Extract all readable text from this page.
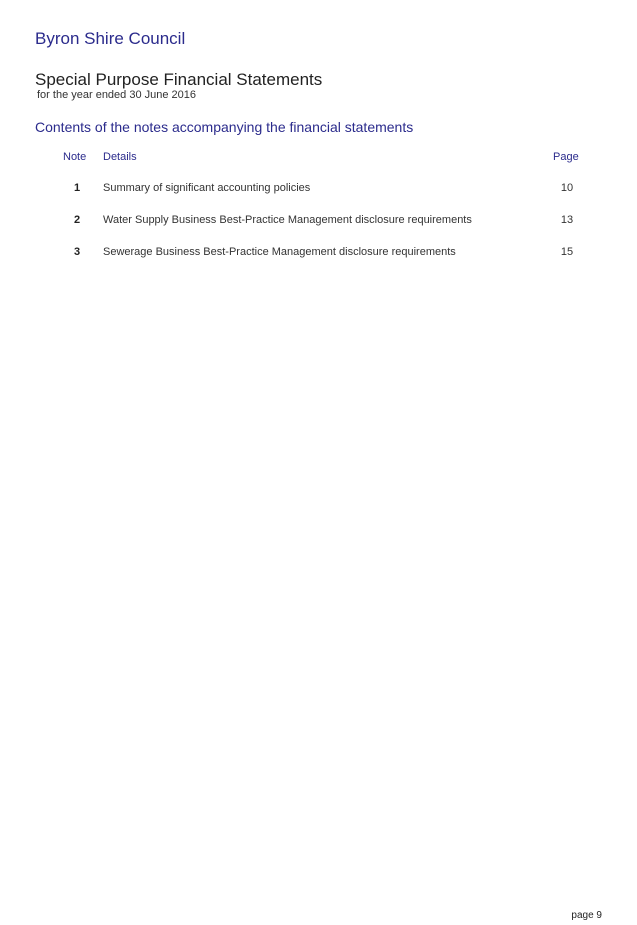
Byron Shire Council
Special Purpose Financial Statements
for the year ended 30 June 2016
Contents of the notes accompanying the financial statements
Note Details	Page
1 Summary of significant accounting policies	10
2 Water Supply Business Best-Practice Management disclosure requirements	13
3 Sewerage Business Best-Practice Management disclosure requirements	15
page 9
